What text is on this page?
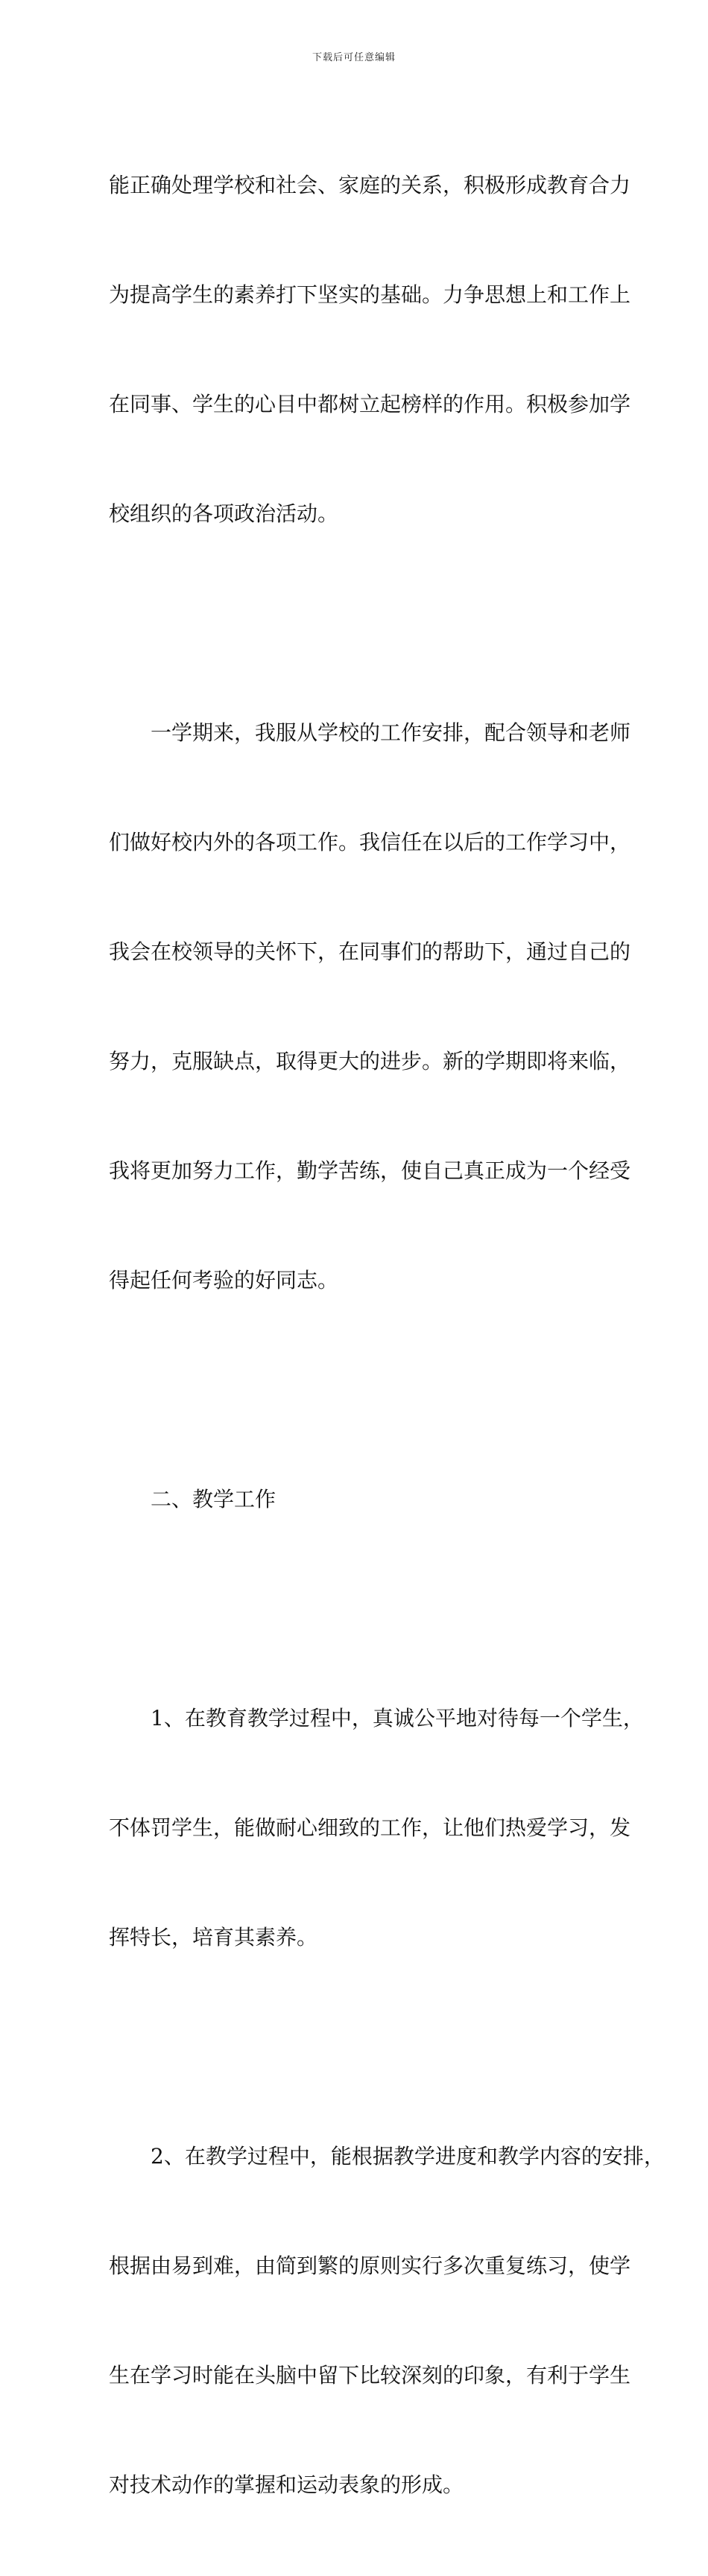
下载后可任意编辑

能正确处理学校和社会、家庭的关系，积极形成教育合力

为提高学生的素养打下坚实的基础。力争思想上和工作上

在同事、学生的心目中都树立起榜样的作用。积极参加学

校组织的各项政治活动。

一学期来，我服从学校的工作安排，配合领导和老师

们做好校内外的各项工作。我信任在以后的工作学习中，

我会在校领导的关怀下，在同事们的帮助下，通过自己的

努力，克服缺点，取得更大的进步。新的学期即将来临，

我将更加努力工作，勤学苦练，使自己真正成为一个经受

得起任何考验的好同志。

二、教学工作

1、在教育教学过程中，真诚公平地对待每一个学生，

不体罚学生，能做耐心细致的工作，让他们热爱学习，发

挥特长，培育其素养。

2、在教学过程中，能根据教学进度和教学内容的安排，

根据由易到难，由简到繁的原则实行多次重复练习，使学

生在学习时能在头脑中留下比较深刻的印象，有利于学生

对技术动作的掌握和运动表象的形成。
